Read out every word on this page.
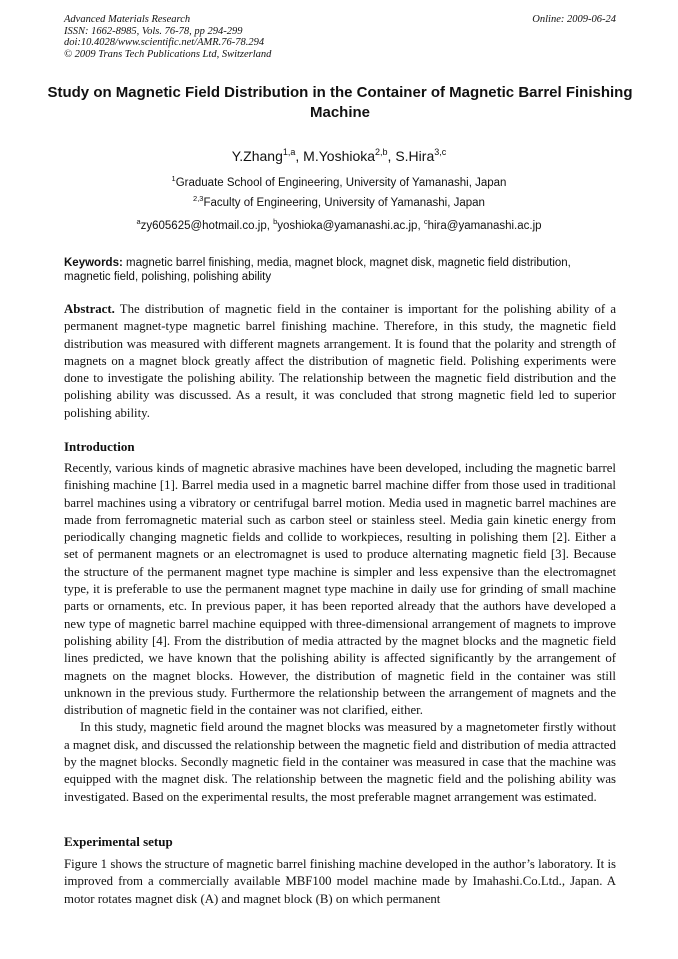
Advanced Materials Research
ISSN: 1662-8985, Vols. 76-78, pp 294-299
doi:10.4028/www.scientific.net/AMR.76-78.294
© 2009 Trans Tech Publications Ltd, Switzerland
Online: 2009-06-24
Study on Magnetic Field Distribution in the Container of Magnetic Barrel Finishing Machine
Y.Zhang$^{1,a}$, M.Yoshioka$^{2,b}$, S.Hira$^{3,c}$
$^1$Graduate School of Engineering, University of Yamanashi, Japan
$^{2,3}$Faculty of Engineering, University of Yamanashi, Japan
$^a$zy605625@hotmail.co.jp, $^b$yoshioka@yamanashi.ac.jp, $^c$hira@yamanashi.ac.jp
Keywords: magnetic barrel finishing, media, magnet block, magnet disk, magnetic field distribution, magnetic field, polishing, polishing ability
Abstract. The distribution of magnetic field in the container is important for the polishing ability of a permanent magnet-type magnetic barrel finishing machine. Therefore, in this study, the magnetic field distribution was measured with different magnets arrangement. It is found that the polarity and strength of magnets on a magnet block greatly affect the distribution of magnetic field. Polishing experiments were done to investigate the polishing ability. The relationship between the magnetic field distribution and the polishing ability was discussed. As a result, it was concluded that strong magnetic field led to superior polishing ability.
Introduction
Recently, various kinds of magnetic abrasive machines have been developed, including the magnetic barrel finishing machine [1]. Barrel media used in a magnetic barrel machine differ from those used in traditional barrel machines using a vibratory or centrifugal barrel motion. Media used in magnetic barrel machines are made from ferromagnetic material such as carbon steel or stainless steel. Media gain kinetic energy from periodically changing magnetic fields and collide to workpieces, resulting in polishing them [2]. Either a set of permanent magnets or an electromagnet is used to produce alternating magnetic field [3]. Because the structure of the permanent magnet type machine is simpler and less expensive than the electromagnet type, it is preferable to use the permanent magnet type machine in daily use for grinding of small machine parts or ornaments, etc. In previous paper, it has been reported already that the authors have developed a new type of magnetic barrel machine equipped with three-dimensional arrangement of magnets to improve polishing ability [4]. From the distribution of media attracted by the magnet blocks and the magnetic field lines predicted, we have known that the polishing ability is affected significantly by the arrangement of magnets on the magnet blocks. However, the distribution of magnetic field in the container was still unknown in the previous study. Furthermore the relationship between the arrangement of magnets and the distribution of magnetic field in the container was not clarified, either.
In this study, magnetic field around the magnet blocks was measured by a magnetometer firstly without a magnet disk, and discussed the relationship between the magnetic field and distribution of media attracted by the magnet blocks. Secondly magnetic field in the container was measured in case that the machine was equipped with the magnet disk. The relationship between the magnetic field and the polishing ability was investigated. Based on the experimental results, the most preferable magnet arrangement was estimated.
Experimental setup
Figure 1 shows the structure of magnetic barrel finishing machine developed in the author’s laboratory. It is improved from a commercially available MBF100 model machine made by Imahashi.Co.Ltd., Japan. A motor rotates magnet disk (A) and magnet block (B) on which permanent
